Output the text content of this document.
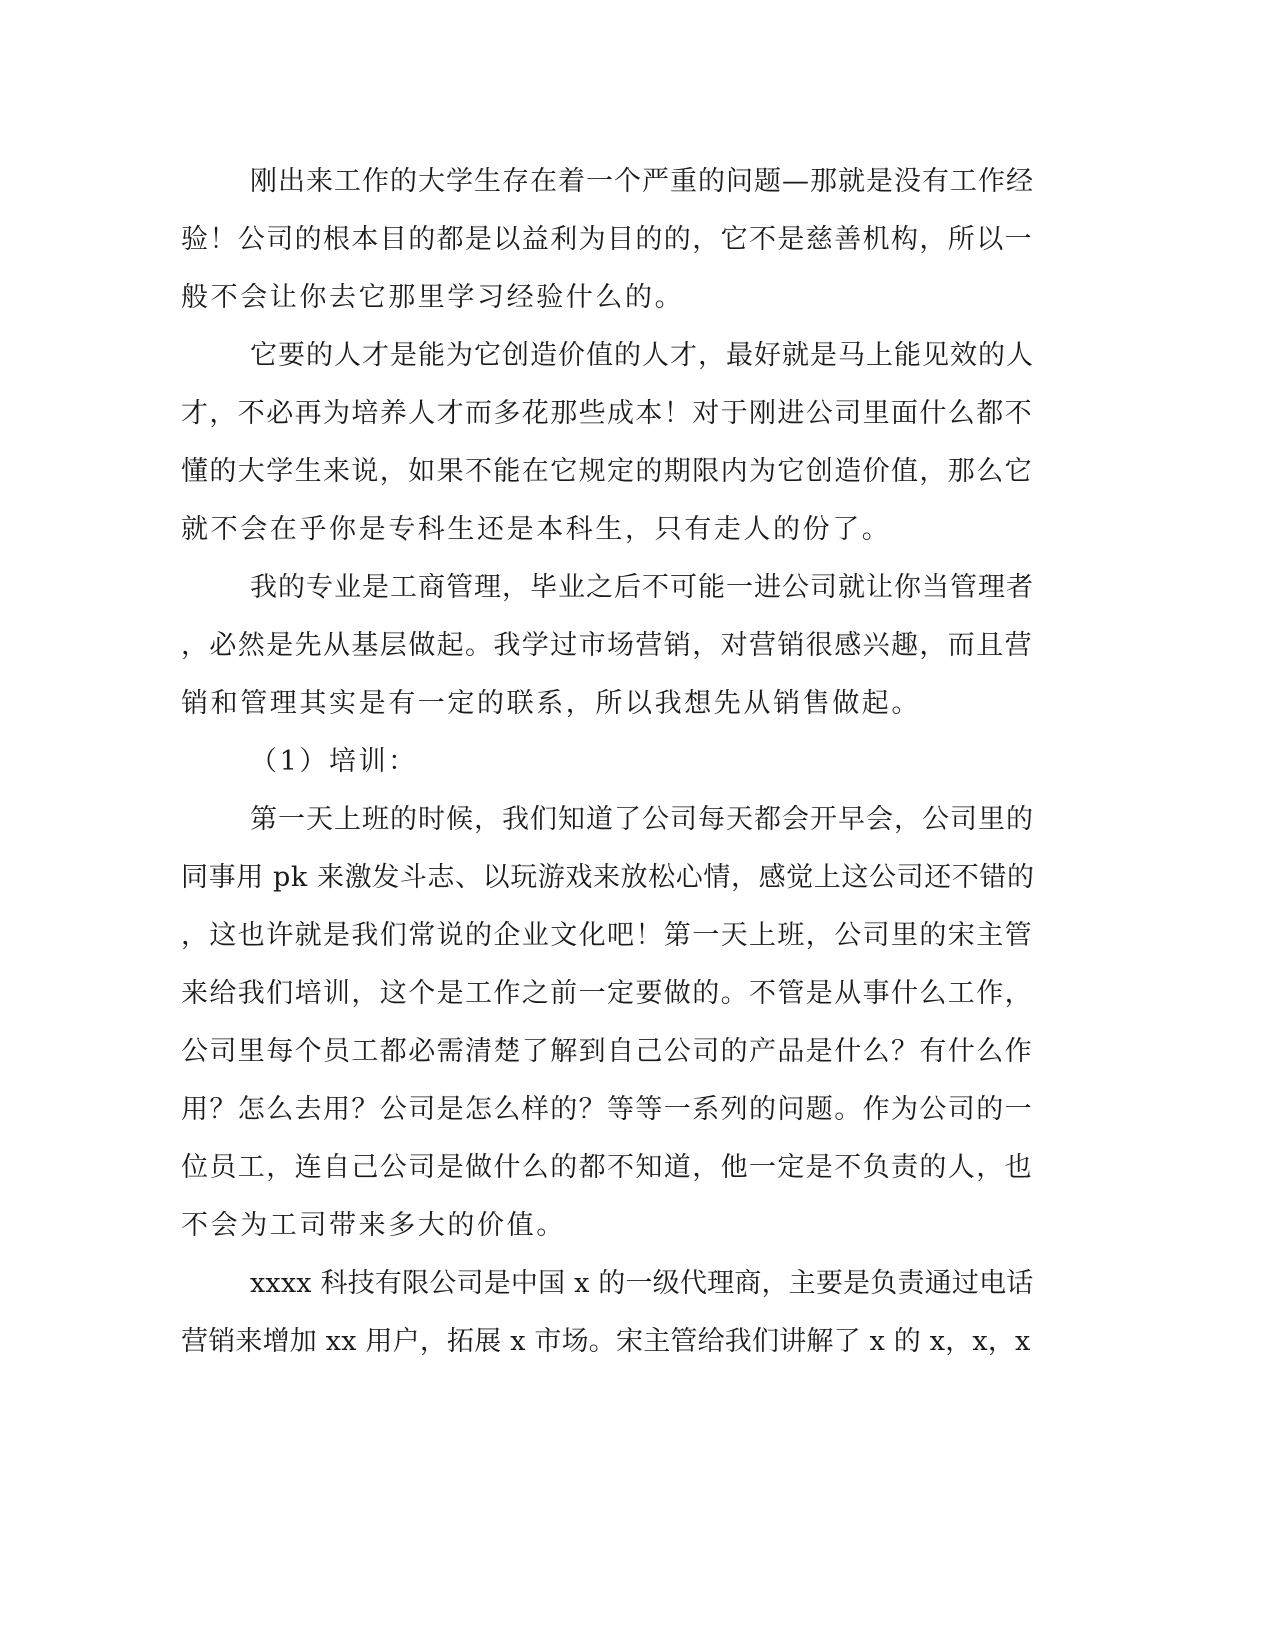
刚出来工作的大学生存在着一个严重的问题—那就是没有工作经
验！公司的根本目的都是以益利为目的的，它不是慈善机构，所以一
般不会让你去它那里学习经验什么的。
它要的人才是能为它创造价值的人才，最好就是马上能见效的人
才，不必再为培养人才而多花那些成本！对于刚进公司里面什么都不
懂的大学生来说，如果不能在它规定的期限内为它创造价值，那么它
就不会在乎你是专科生还是本科生，只有走人的份了。
我的专业是工商管理，毕业之后不可能一进公司就让你当管理者
，必然是先从基层做起。我学过市场营销，对营销很感兴趣，而且营
销和管理其实是有一定的联系，所以我想先从销售做起。
（1）培训：
第一天上班的时候，我们知道了公司每天都会开早会，公司里的
同事用 pk 来激发斗志、以玩游戏来放松心情，感觉上这公司还不错的
，这也许就是我们常说的企业文化吧！第一天上班，公司里的宋主管
来给我们培训，这个是工作之前一定要做的。不管是从事什么工作，
公司里每个员工都必需清楚了解到自己公司的产品是什么？有什么作
用？怎么去用？公司是怎么样的？等等一系列的问题。作为公司的一
位员工，连自己公司是做什么的都不知道，他一定是不负责的人，也
不会为工司带来多大的价值。
xxxx 科技有限公司是中国 x 的一级代理商，主要是负责通过电话
营销来增加 xx 用户，拓展 x 市场。宋主管给我们讲解了 x 的 x，x，x
